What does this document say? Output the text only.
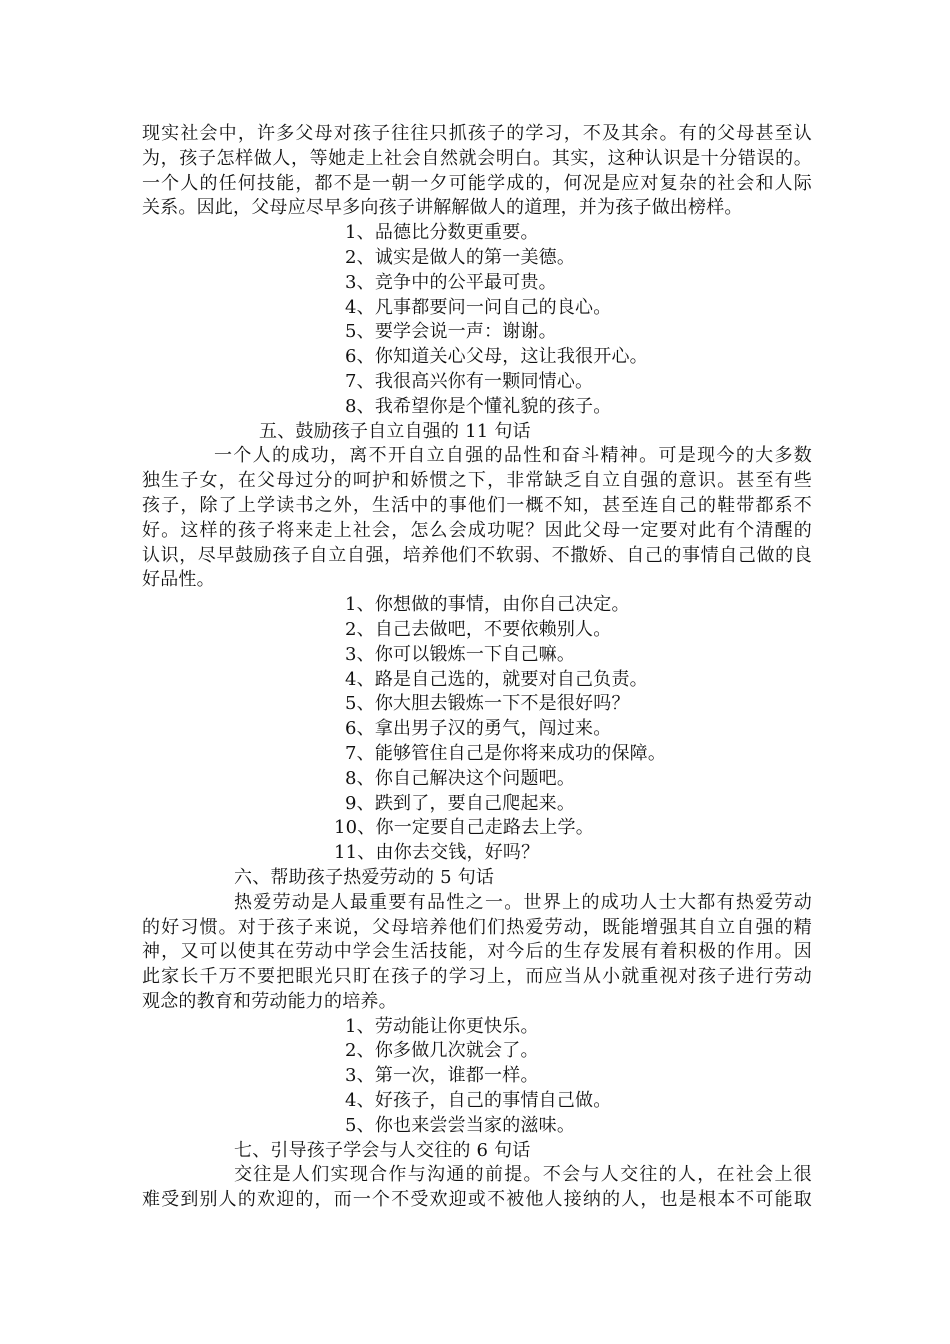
现实社会中，许多父母对孩子往往只抓孩子的学习，不及其余。有的父母甚至认
为，孩子怎样做人，等她走上社会自然就会明白。其实，这种认识是十分错误的。
一个人的任何技能，都不是一朝一夕可能学成的，何况是应对复杂的社会和人际
关系。因此，父母应尽早多向孩子讲解解做人的道理，并为孩子做出榜样。
1、品德比分数更重要。
2、诚实是做人的第一美德。
3、竞争中的公平最可贵。
4、凡事都要问一问自己的良心。
5、要学会说一声：谢谢。
6、你知道关心父母，这让我很开心。
7、我很高兴你有一颗同情心。
8、我希望你是个懂礼貌的孩子。
五、鼓励孩子自立自强的 11 句话
一个人的成功，离不开自立自强的品性和奋斗精神。可是现今的大多数
独生子女，在父母过分的呵护和娇惯之下，非常缺乏自立自强的意识。甚至有些
孩子，除了上学读书之外，生活中的事他们一概不知，甚至连自己的鞋带都系不
好。这样的孩子将来走上社会，怎么会成功呢？因此父母一定要对此有个清醒的
认识，尽早鼓励孩子自立自强，培养他们不软弱、不撒娇、自己的事情自己做的良
好品性。
1、你想做的事情，由你自己决定。
2、自己去做吧，不要依赖别人。
3、你可以锻炼一下自己嘛。
4、路是自己选的，就要对自己负责。
5、你大胆去锻炼一下不是很好吗？
6、拿出男子汉的勇气，闯过来。
7、能够管住自己是你将来成功的保障。
8、你自己解决这个问题吧。
9、跌到了，要自己爬起来。
10、你一定要自己走路去上学。
11、由你去交钱，好吗？
六、帮助孩子热爱劳动的 5 句话
热爱劳动是人最重要有品性之一。世界上的成功人士大都有热爱劳动
的好习惯。对于孩子来说，父母培养他们们热爱劳动，既能增强其自立自强的精
神，又可以使其在劳动中学会生活技能，对今后的生存发展有着积极的作用。因
此家长千万不要把眼光只盯在孩子的学习上，而应当从小就重视对孩子进行劳动
观念的教育和劳动能力的培养。
1、劳动能让你更快乐。
2、你多做几次就会了。
3、第一次，谁都一样。
4、好孩子，自己的事情自己做。
5、你也来尝尝当家的滋味。
七、引导孩子学会与人交往的 6 句话
交往是人们实现合作与沟通的前提。不会与人交往的人，在社会上很
难受到别人的欢迎的，而一个不受欢迎或不被他人接纳的人，也是根本不可能取
